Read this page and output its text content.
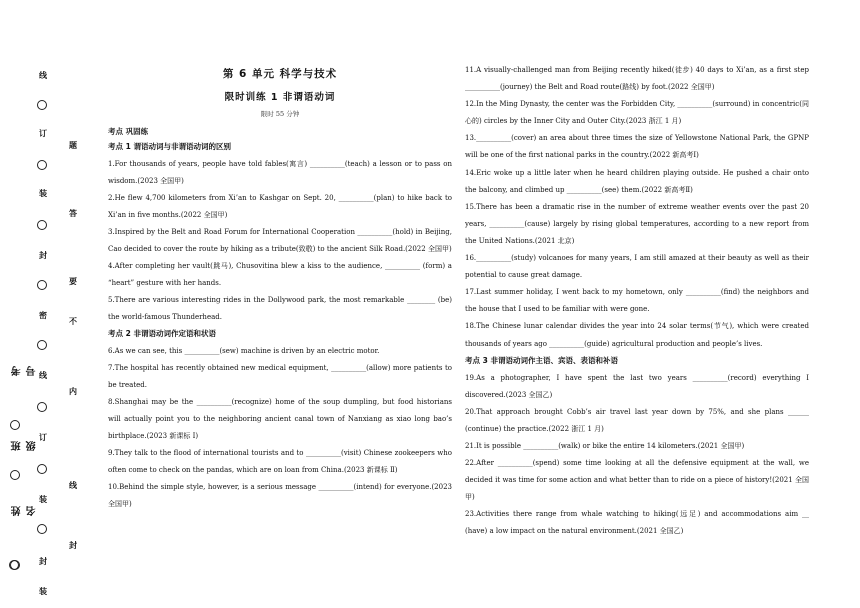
线
订
装
封
密
线
订
装
封
装
题
答
要
不
内
线
封
考号
班级
姓名
第 6 单元 科学与技术
限时训练 1 非谓语动词
限时 55 分钟
考点 巩固练
考点 1 谓语动词与非谓语动词的区别

1.For thousands of years, people have told fables(寓言) __________(teach) a lesson or to pass on wisdom.(2023 全国甲)

2.He flew 4,700 kilometers from Xi’an to Kashgar on Sept. 20, __________(plan) to hike back to Xi’an in five months.(2022 全国甲)

3.Inspired by the Belt and Road Forum for International Cooperation __________(hold) in Beijing, Cao decided to cover the route by hiking as a tribute(致敬) to the ancient Silk Road.(2022 全国甲)

4.After completing her vault(跳马), Chusovitina blew a kiss to the audience, __________ (form) a “heart” gesture with her hands.

5.There are various interesting rides in the Dollywood park, the most remarkable ________ (be) the world-famous Thunderhead.

考点 2 非谓语动词作定语和状语

6.As we can see, this __________(sew) machine is driven by an electric motor.

7.The hospital has recently obtained new medical equipment, __________(allow) more patients to be treated.

8.Shanghai may be the __________(recognize) home of the soup dumpling, but food historians will actually point you to the neighboring ancient canal town of Nanxiang as xiao long bao’s birthplace.(2023 新课标 Ⅰ)

9.They talk to the flood of international tourists and to __________(visit) Chinese zookeepers who often come to check on the pandas, which are on loan from China.(2023 新课标 Ⅱ)

10.Behind the simple style, however, is a serious message __________(intend) for everyone.(2023 全国甲)

11.A visually-challenged man from Beijing recently hiked(徒步) 40 days to Xi’an, as a first step __________(journey) the Belt and Road route(路线) by foot.(2022 全国甲)

12.In the Ming Dynasty, the center was the Forbidden City, __________(surround) in concentric(同心的) circles by the Inner City and Outer City.(2023 浙江 1 月)

13.__________(cover) an area about three times the size of Yellowstone National Park, the GPNP will be one of the first national parks in the country.(2022 新高考Ⅰ)

14.Eric woke up a little later when he heard children playing outside. He pushed a chair onto the balcony, and climbed up __________(see) them.(2022 新高考Ⅱ)

15.There has been a dramatic rise in the number of extreme weather events over the past 20 years, __________(cause) largely by rising global temperatures, according to a new report from the United Nations.(2021 北京)

16.__________(study) volcanoes for many years, I am still amazed at their beauty as well as their potential to cause great damage.

17.Last summer holiday, I went back to my hometown, only __________(find) the neighbors and the house that I used to be familiar with were gone.

18.The Chinese lunar calendar divides the year into 24 solar terms(节气), which were created thousands of years ago __________(guide) agricultural production and people’s lives.

考点 3 非谓语动词作主语、宾语、表语和补语

19.As a photographer, I have spent the last two years __________(record) everything I discovered.(2023 全国乙)

20.That approach brought Cobb’s air travel last year down by 75%, and she plans ______ (continue) the practice.(2022 浙江 1 月)

21.It is possible __________(walk) or bike the entire 14 kilometers.(2021 全国甲)

22.After __________(spend) some time looking at all the defensive equipment at the wall, we decided it was time for some action and what better than to ride on a piece of history!(2021 全国甲)

23.Activities there range from whale watching to hiking(远足) and accommodations aim __ (have) a low impact on the natural environment.(2021 全国乙)
